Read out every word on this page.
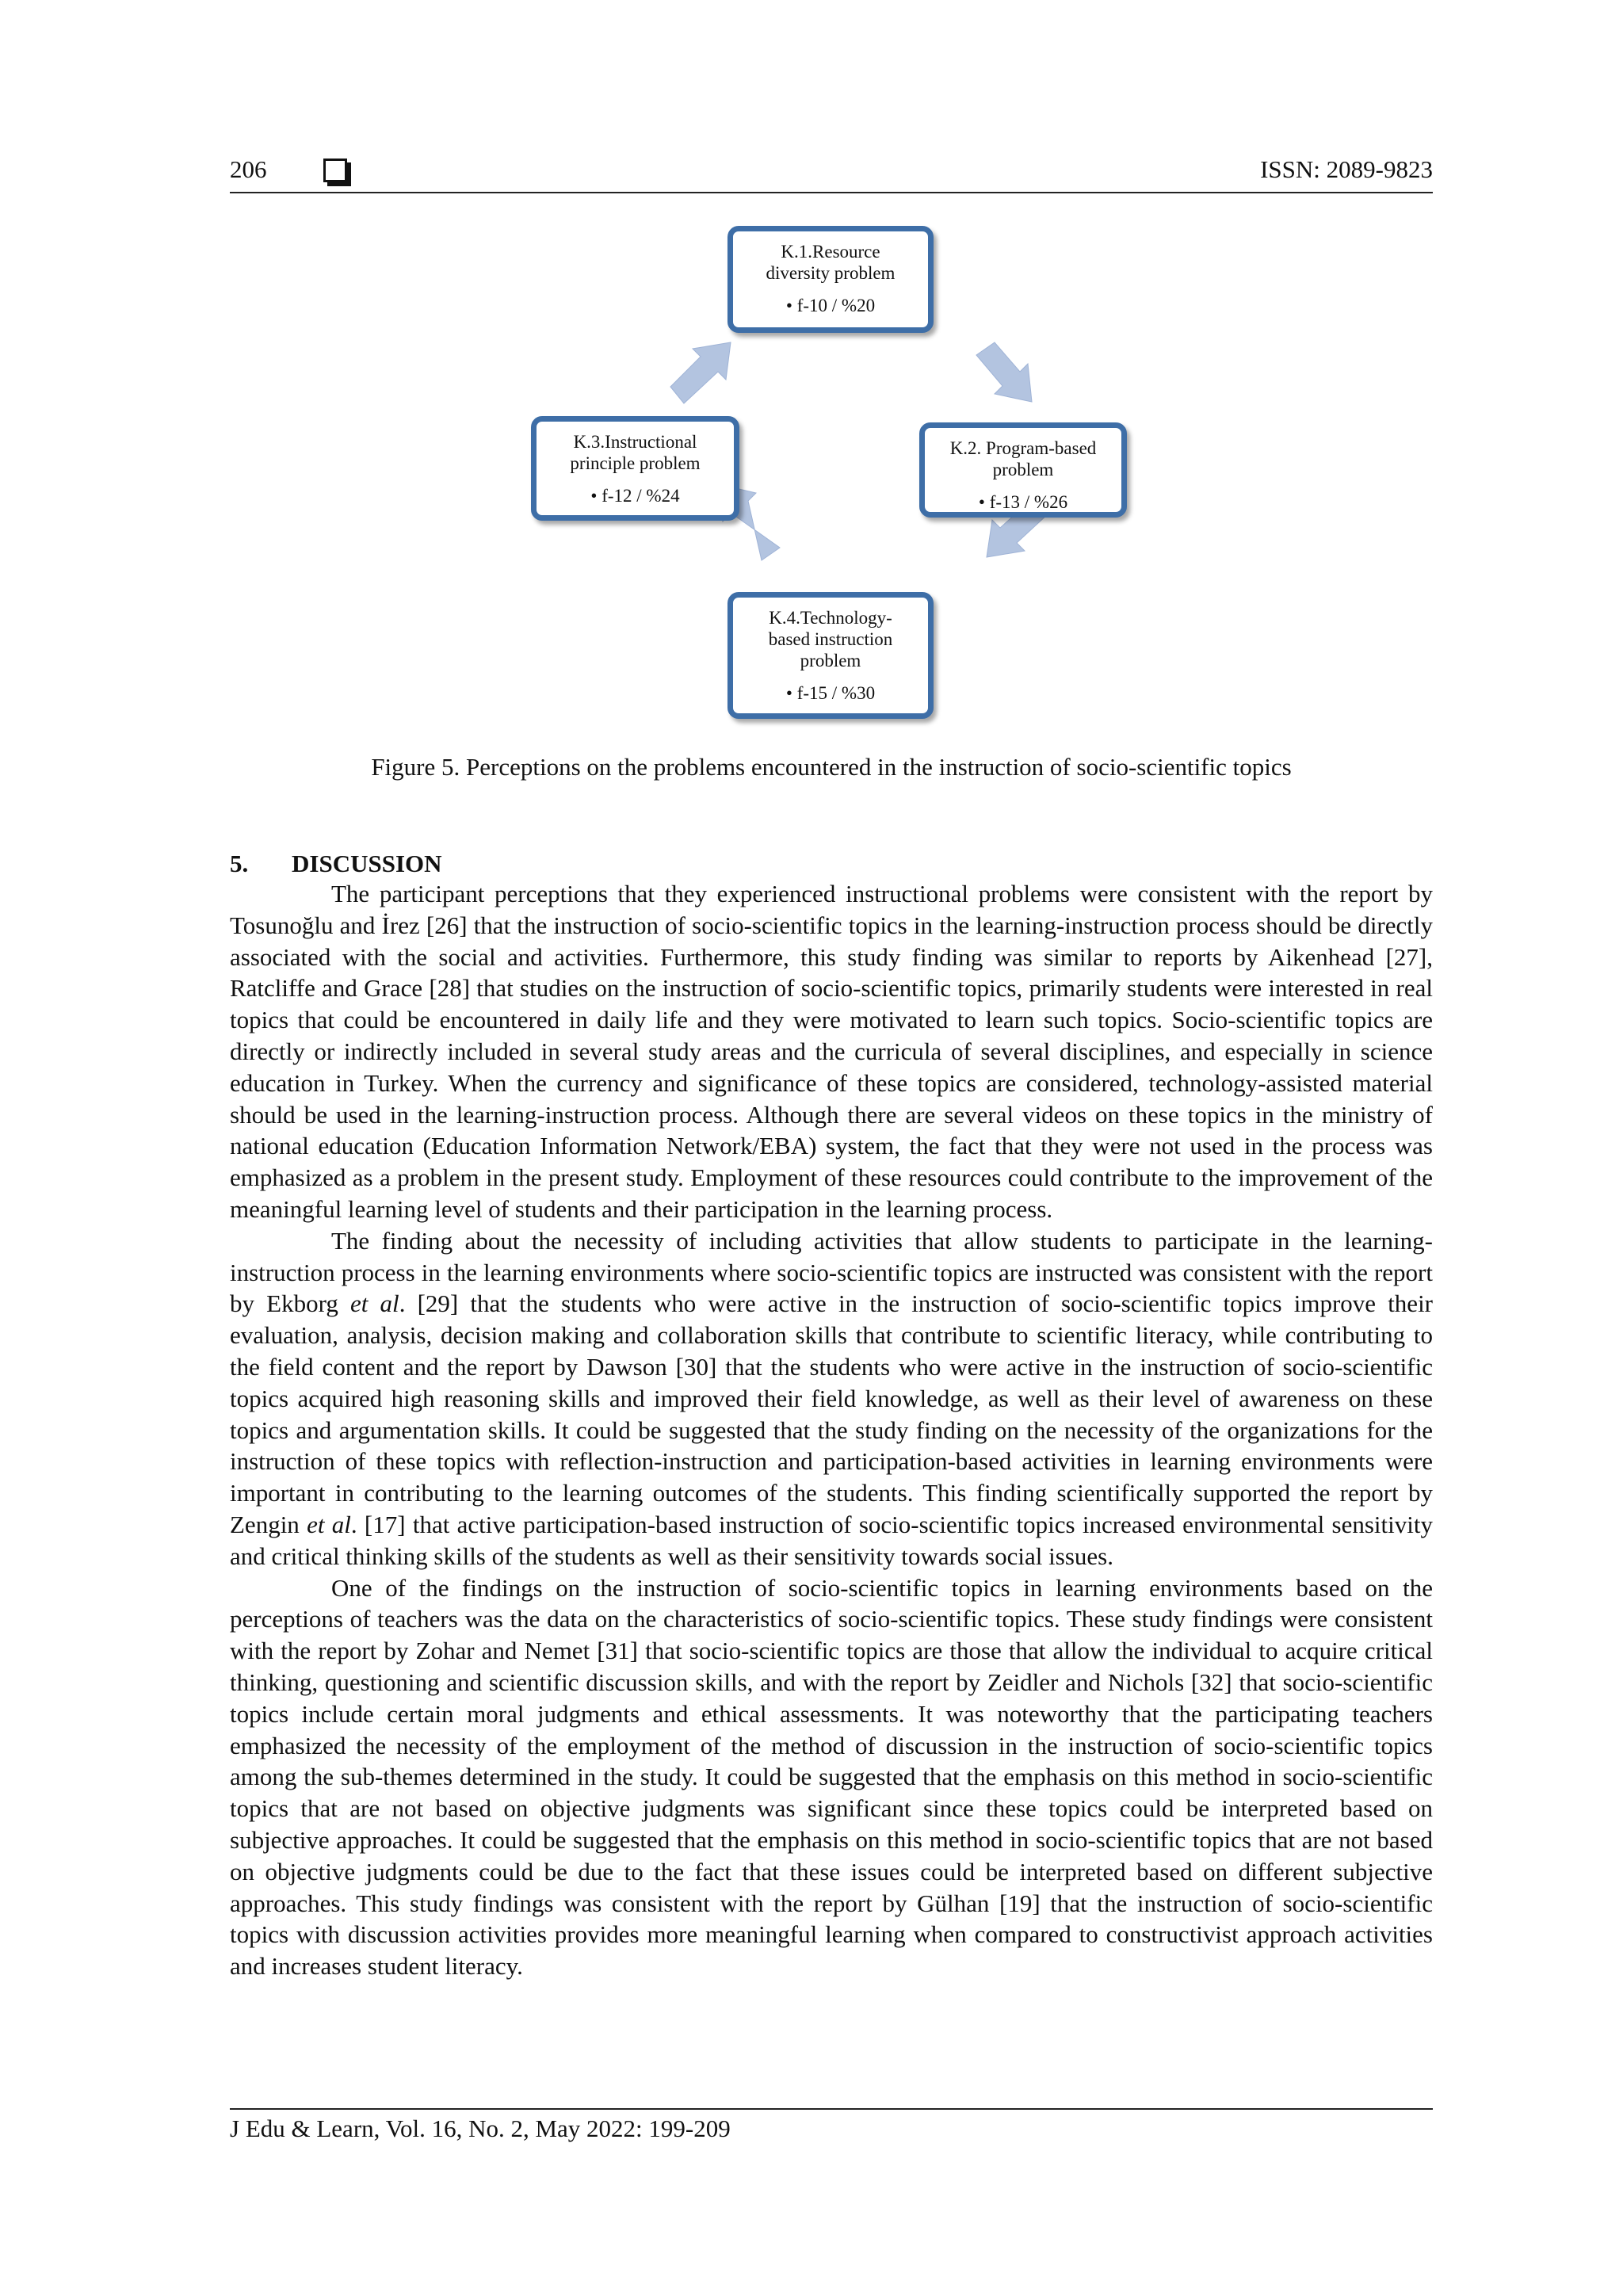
206	ISSN: 2089-9823
K.1.Resource
diversity problem
• f-10 / %20
K.2. Program-based
problem
• f-13 / %26
K.3.Instructional
principle problem
• f-12 / %24
K.4.Technology-
based instruction
problem
• f-15 / %30
Figure 5. Perceptions on the problems encountered in the instruction of socio-scientific topics
5. DISCUSSION

The participant perceptions that they experienced instructional problems were consistent with the report by Tosunoğlu and İrez [26] that the instruction of socio-scientific topics in the learning-instruction process should be directly associated with the social and activities. Furthermore, this study finding was similar to reports by Aikenhead [27], Ratcliffe and Grace [28] that studies on the instruction of socio-scientific topics, primarily students were interested in real topics that could be encountered in daily life and they were motivated to learn such topics. Socio-scientific topics are directly or indirectly included in several study areas and the curricula of several disciplines, and especially in science education in Turkey. When the currency and significance of these topics are considered, technology-assisted material should be used in the learning-instruction process. Although there are several videos on these topics in the ministry of national education (Education Information Network/EBA) system, the fact that they were not used in the process was emphasized as a problem in the present study. Employment of these resources could contribute to the improvement of the meaningful learning level of students and their participation in the learning process.

The finding about the necessity of including activities that allow students to participate in the learning-instruction process in the learning environments where socio-scientific topics are instructed was consistent with the report by Ekborg et al. [29] that the students who were active in the instruction of socio-scientific topics improve their evaluation, analysis, decision making and collaboration skills that contribute to scientific literacy, while contributing to the field content and the report by Dawson [30] that the students who were active in the instruction of socio-scientific topics acquired high reasoning skills and improved their field knowledge, as well as their level of awareness on these topics and argumentation skills. It could be suggested that the study finding on the necessity of the organizations for the instruction of these topics with reflection-instruction and participation-based activities in learning environments were important in contributing to the learning outcomes of the students. This finding scientifically supported the report by Zengin et al. [17] that active participation-based instruction of socio-scientific topics increased environmental sensitivity and critical thinking skills of the students as well as their sensitivity towards social issues.

One of the findings on the instruction of socio-scientific topics in learning environments based on the perceptions of teachers was the data on the characteristics of socio-scientific topics. These study findings were consistent with the report by Zohar and Nemet [31] that socio-scientific topics are those that allow the individual to acquire critical thinking, questioning and scientific discussion skills, and with the report by Zeidler and Nichols [32] that socio-scientific topics include certain moral judgments and ethical assessments. It was noteworthy that the participating teachers emphasized the necessity of the employment of the method of discussion in the instruction of socio-scientific topics among the sub-themes determined in the study. It could be suggested that the emphasis on this method in socio-scientific topics that are not based on objective judgments was significant since these topics could be interpreted based on subjective approaches. It could be suggested that the emphasis on this method in socio-scientific topics that are not based on objective judgments could be due to the fact that these issues could be interpreted based on different subjective approaches. This study findings was consistent with the report by Gülhan [19] that the instruction of socio-scientific topics with discussion activities provides more meaningful learning when compared to constructivist approach activities and increases student literacy.

J Edu & Learn, Vol. 16, No. 2, May 2022: 199-209
